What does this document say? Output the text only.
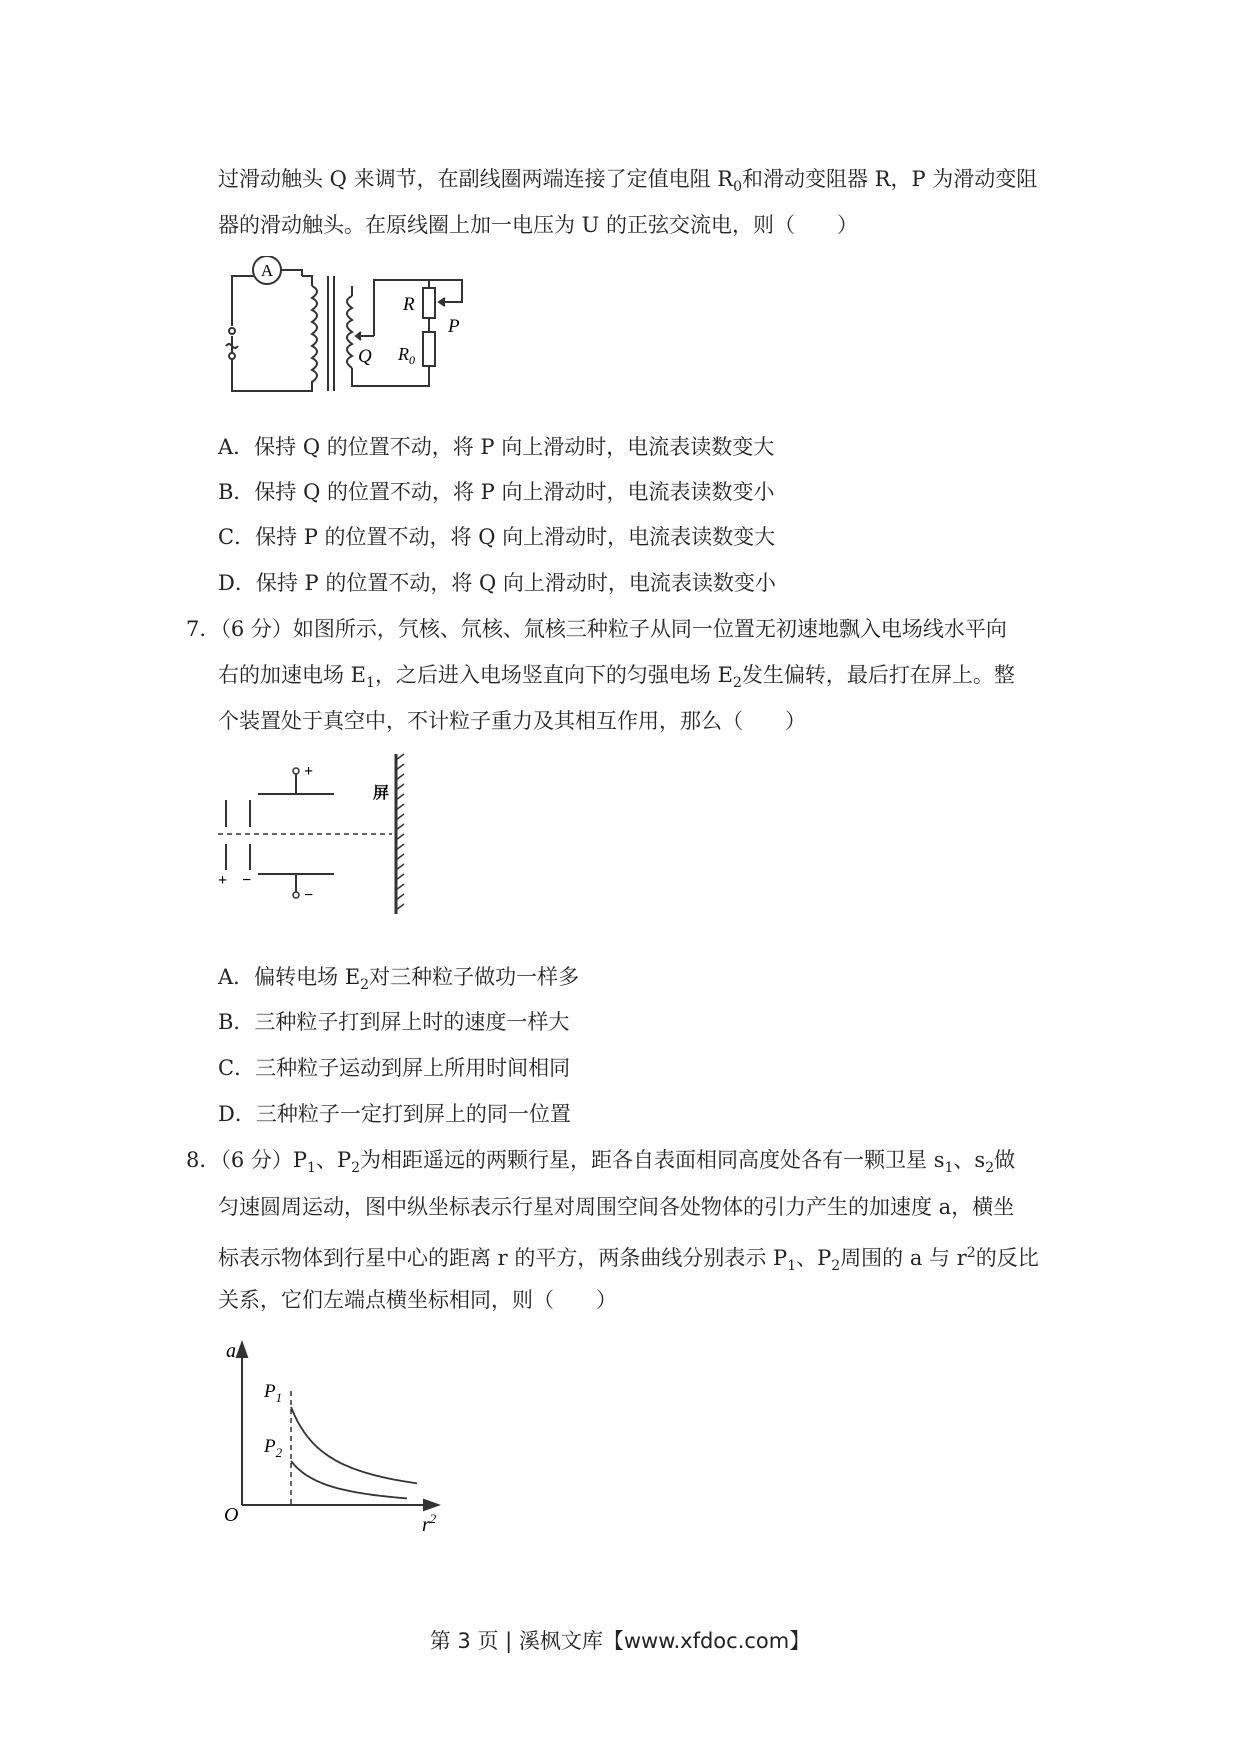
过滑动触头 Q 来调节，在副线圈两端连接了定值电阻 $R_0$和滑动变阻器 R，P 为滑动变阻
器的滑动触头。在原线圈上加一电压为 U 的正弦交流电，则（　　）
A
R
P
Q $R_0$
A．保持 Q 的位置不动，将 P 向上滑动时，电流表读数变大
B．保持 Q 的位置不动，将 P 向上滑动时，电流表读数变小
C．保持 P 的位置不动，将 Q 向上滑动时，电流表读数变大
D．保持 P 的位置不动，将 Q 向上滑动时，电流表读数变小
7．（6 分）如图所示，氕核、氘核、氚核三种粒子从同一位置无初速地飘入电场线水平向
右的加速电场 $E_1$，之后进入电场竖直向下的匀强电场 $E_2$发生偏转，最后打在屏上。整
个装置处于真空中，不计粒子重力及其相互作用，那么（　　）
+
−
+ −
屏
A．偏转电场 $E_2$对三种粒子做功一样多
B．三种粒子打到屏上时的速度一样大
C．三种粒子运动到屏上所用时间相同
D．三种粒子一定打到屏上的同一位置
8．（6 分）$P_1$、$P_2$为相距遥远的两颗行星，距各自表面相同高度处各有一颗卫星 $s_1$、$s_2$做
匀速圆周运动，图中纵坐标表示行星对周围空间各处物体的引力产生的加速度 a，横坐
标表示物体到行星中心的距离 r 的平方，两条曲线分别表示 $P_1$、$P_2$周围的 a 与 $r^2$的反比
关系，它们左端点横坐标相同，则（　　）
a
O	$r^2$
$P_1$
$P_2$
第 3 页 | 溪枫文库【www.xfdoc.com】
